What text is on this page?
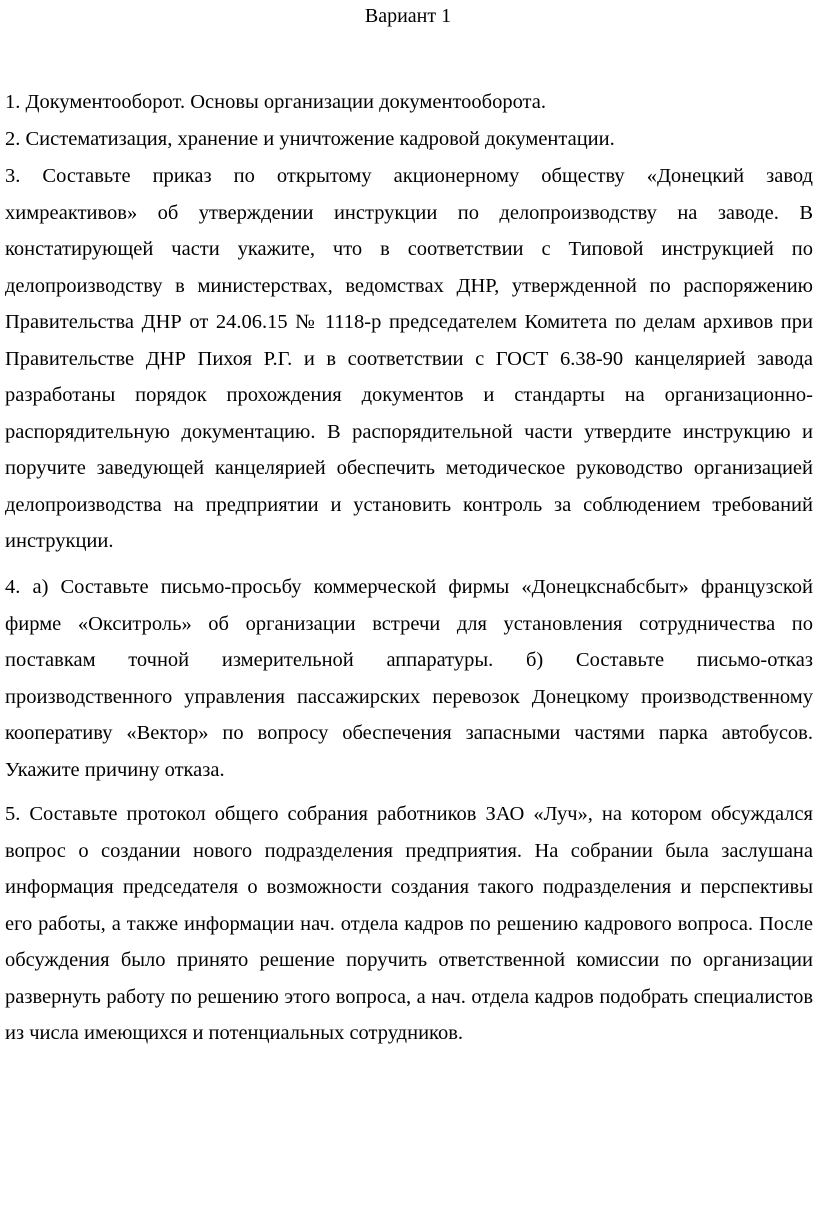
Вариант 1

1. Документооборот. Основы организации документооборота.

2. Систематизация, хранение и уничтожение кадровой документации.

3. Составьте приказ по открытому акционерному обществу «Донецкий завод химреактивов» об утверждении инструкции по делопроизводству на заводе. В констатирующей части укажите, что в соответствии с Типовой инструкцией по делопроизводству в министерствах, ведомствах ДНР, утвержденной по распоряжению Правительства ДНР от 24.06.15 № 1118-р председателем Комитета по делам архивов при Правительстве ДНР Пихоя Р.Г. и в соответствии с ГОСТ 6.38-90 канцелярией завода разработаны порядок прохождения документов и стандарты на организационно-распорядительную документацию. В распорядительной части утвердите инструкцию и поручите заведующей канцелярией обеспечить методическое руководство организацией делопроизводства на предприятии и установить контроль за соблюдением требований инструкции.

4. а) Составьте письмо-просьбу коммерческой фирмы «Донецкснабсбыт» французской фирме «Окситроль» об организации встречи для установления сотрудничества по поставкам точной измерительной аппаратуры. б) Составьте письмо-отказ производственного управления пассажирских перевозок Донецкому производственному кооперативу «Вектор» по вопросу обеспечения запасными частями парка автобусов. Укажите причину отказа.

5. Составьте протокол общего собрания работников ЗАО «Луч», на котором обсуждался вопрос о создании нового подразделения предприятия. На собрании была заслушана информация председателя о возможности создания такого подразделения и перспективы его работы, а также информации нач. отдела кадров по решению кадрового вопроса. После обсуждения было принято решение поручить ответственной комиссии по организации развернуть работу по решению этого вопроса, а нач. отдела кадров подобрать специалистов из числа имеющихся и потенциальных сотрудников.
